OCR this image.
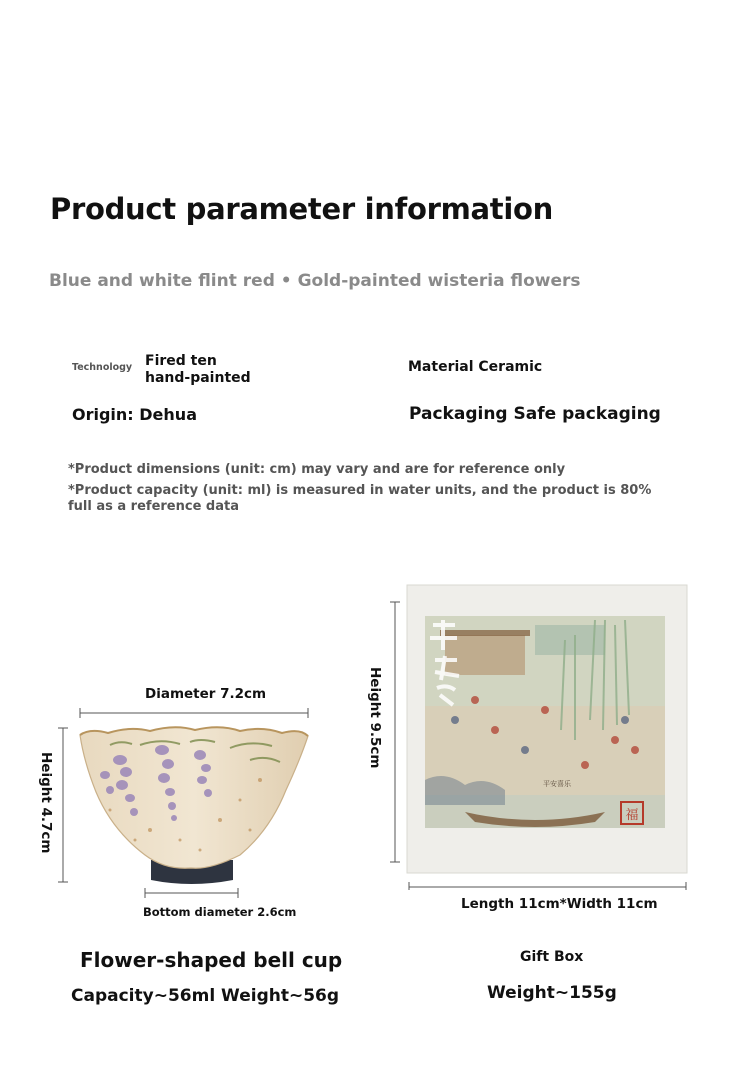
Product parameter information
Blue and white flint red • Gold-painted wisteria flowers
Technology Fired ten hand-painted
Material Ceramic
Origin: Dehua	Packaging Safe packaging
*Product dimensions (unit: cm) may vary and are for reference only
*Product capacity (unit: ml) is measured in water units, and the product is 80% full as a reference data
Diameter 7.2cm
Height 4.7cm
Bottom diameter 2.6cm
福
平安喜乐
Height 9.5cm
Length 11cm*Width 11cm
Flower-shaped bell cup
Capacity~56ml Weight~56g
Gift Box
Weight~155g
